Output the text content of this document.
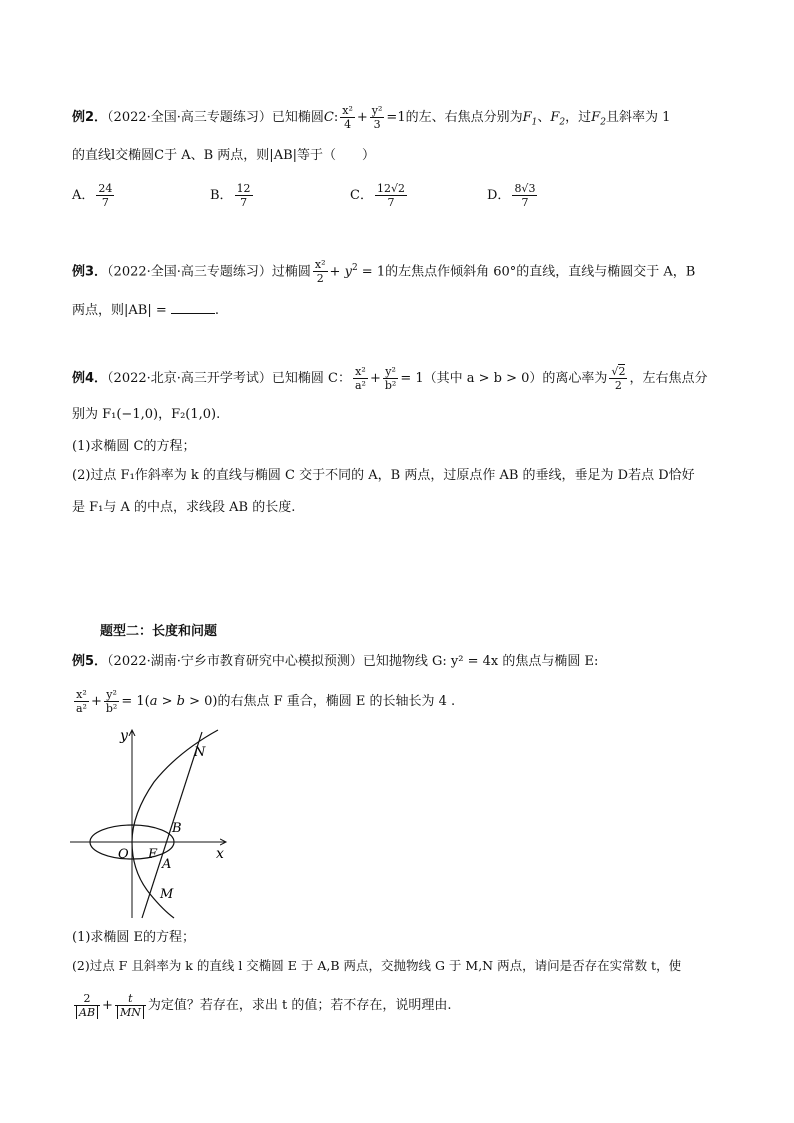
例2．（2022·全国·高三专题练习）已知椭圆C: $\frac{\text{x²}}{4} + \frac{\text{y²}}{3} =1$的左、右焦点分别为$F_1$、$F_2$，过$F_2$且斜率为 1
的直线l交椭圆C于 A、B 两点，则|AB|等于（　　）
A． $\frac{24}{7}$	B． $\frac{12}{7}$	C． $\frac{12√2}{7}$	D． $\frac{8√3}{7}$
例3．（2022·全国·高三专题练习）过椭圆 $\frac{\text{x²}}{2} + y^2 = 1$的左焦点作倾斜角 60°的直线，直线与椭圆交于 A，B
两点，则|AB| =	.
例4．（2022·北京·高三开学考试）已知椭圆 C： $\frac{\text{x²}}{\text{a²}} + \frac{\text{y²}}{\text{b²}} = 1$（其中 a > b > 0）的离心率为 $\frac{√2}{2}$ ，左右焦点分
别为 F₁(−1,0)，F₂(1,0).
(1)求椭圆 C的方程；
(2)过点 F₁作斜率为 k 的直线与椭圆 C 交于不同的 A，B 两点，过原点作 AB 的垂线，垂足为 D若点 D恰好
是 F₁与 A 的中点，求线段 AB 的长度.
题型二：长度和问题
例5．（2022·湖南·宁乡市教育研究中心模拟预测）已知抛物线 G: y² = 4x 的焦点与椭圆 E:
$\frac{\text{x²}}{\text{a²}} + \frac{\text{y²}}{\text{b²}} = 1(a > b > 0)$的右焦点 F 重合，椭圆 E 的长轴长为 4 .
y
x
O F
A
B
M
N
(1)求椭圆 E的方程；
(2)过点 F 且斜率为 k 的直线 l 交椭圆 E 于 A,B 两点，交抛物线 G 于 M,N 两点，请问是否存在实常数 t，使
$\frac{2}{AB} + \frac{t}{MN}$ 为定值？若存在，求出 t 的值；若不存在，说明理由.
